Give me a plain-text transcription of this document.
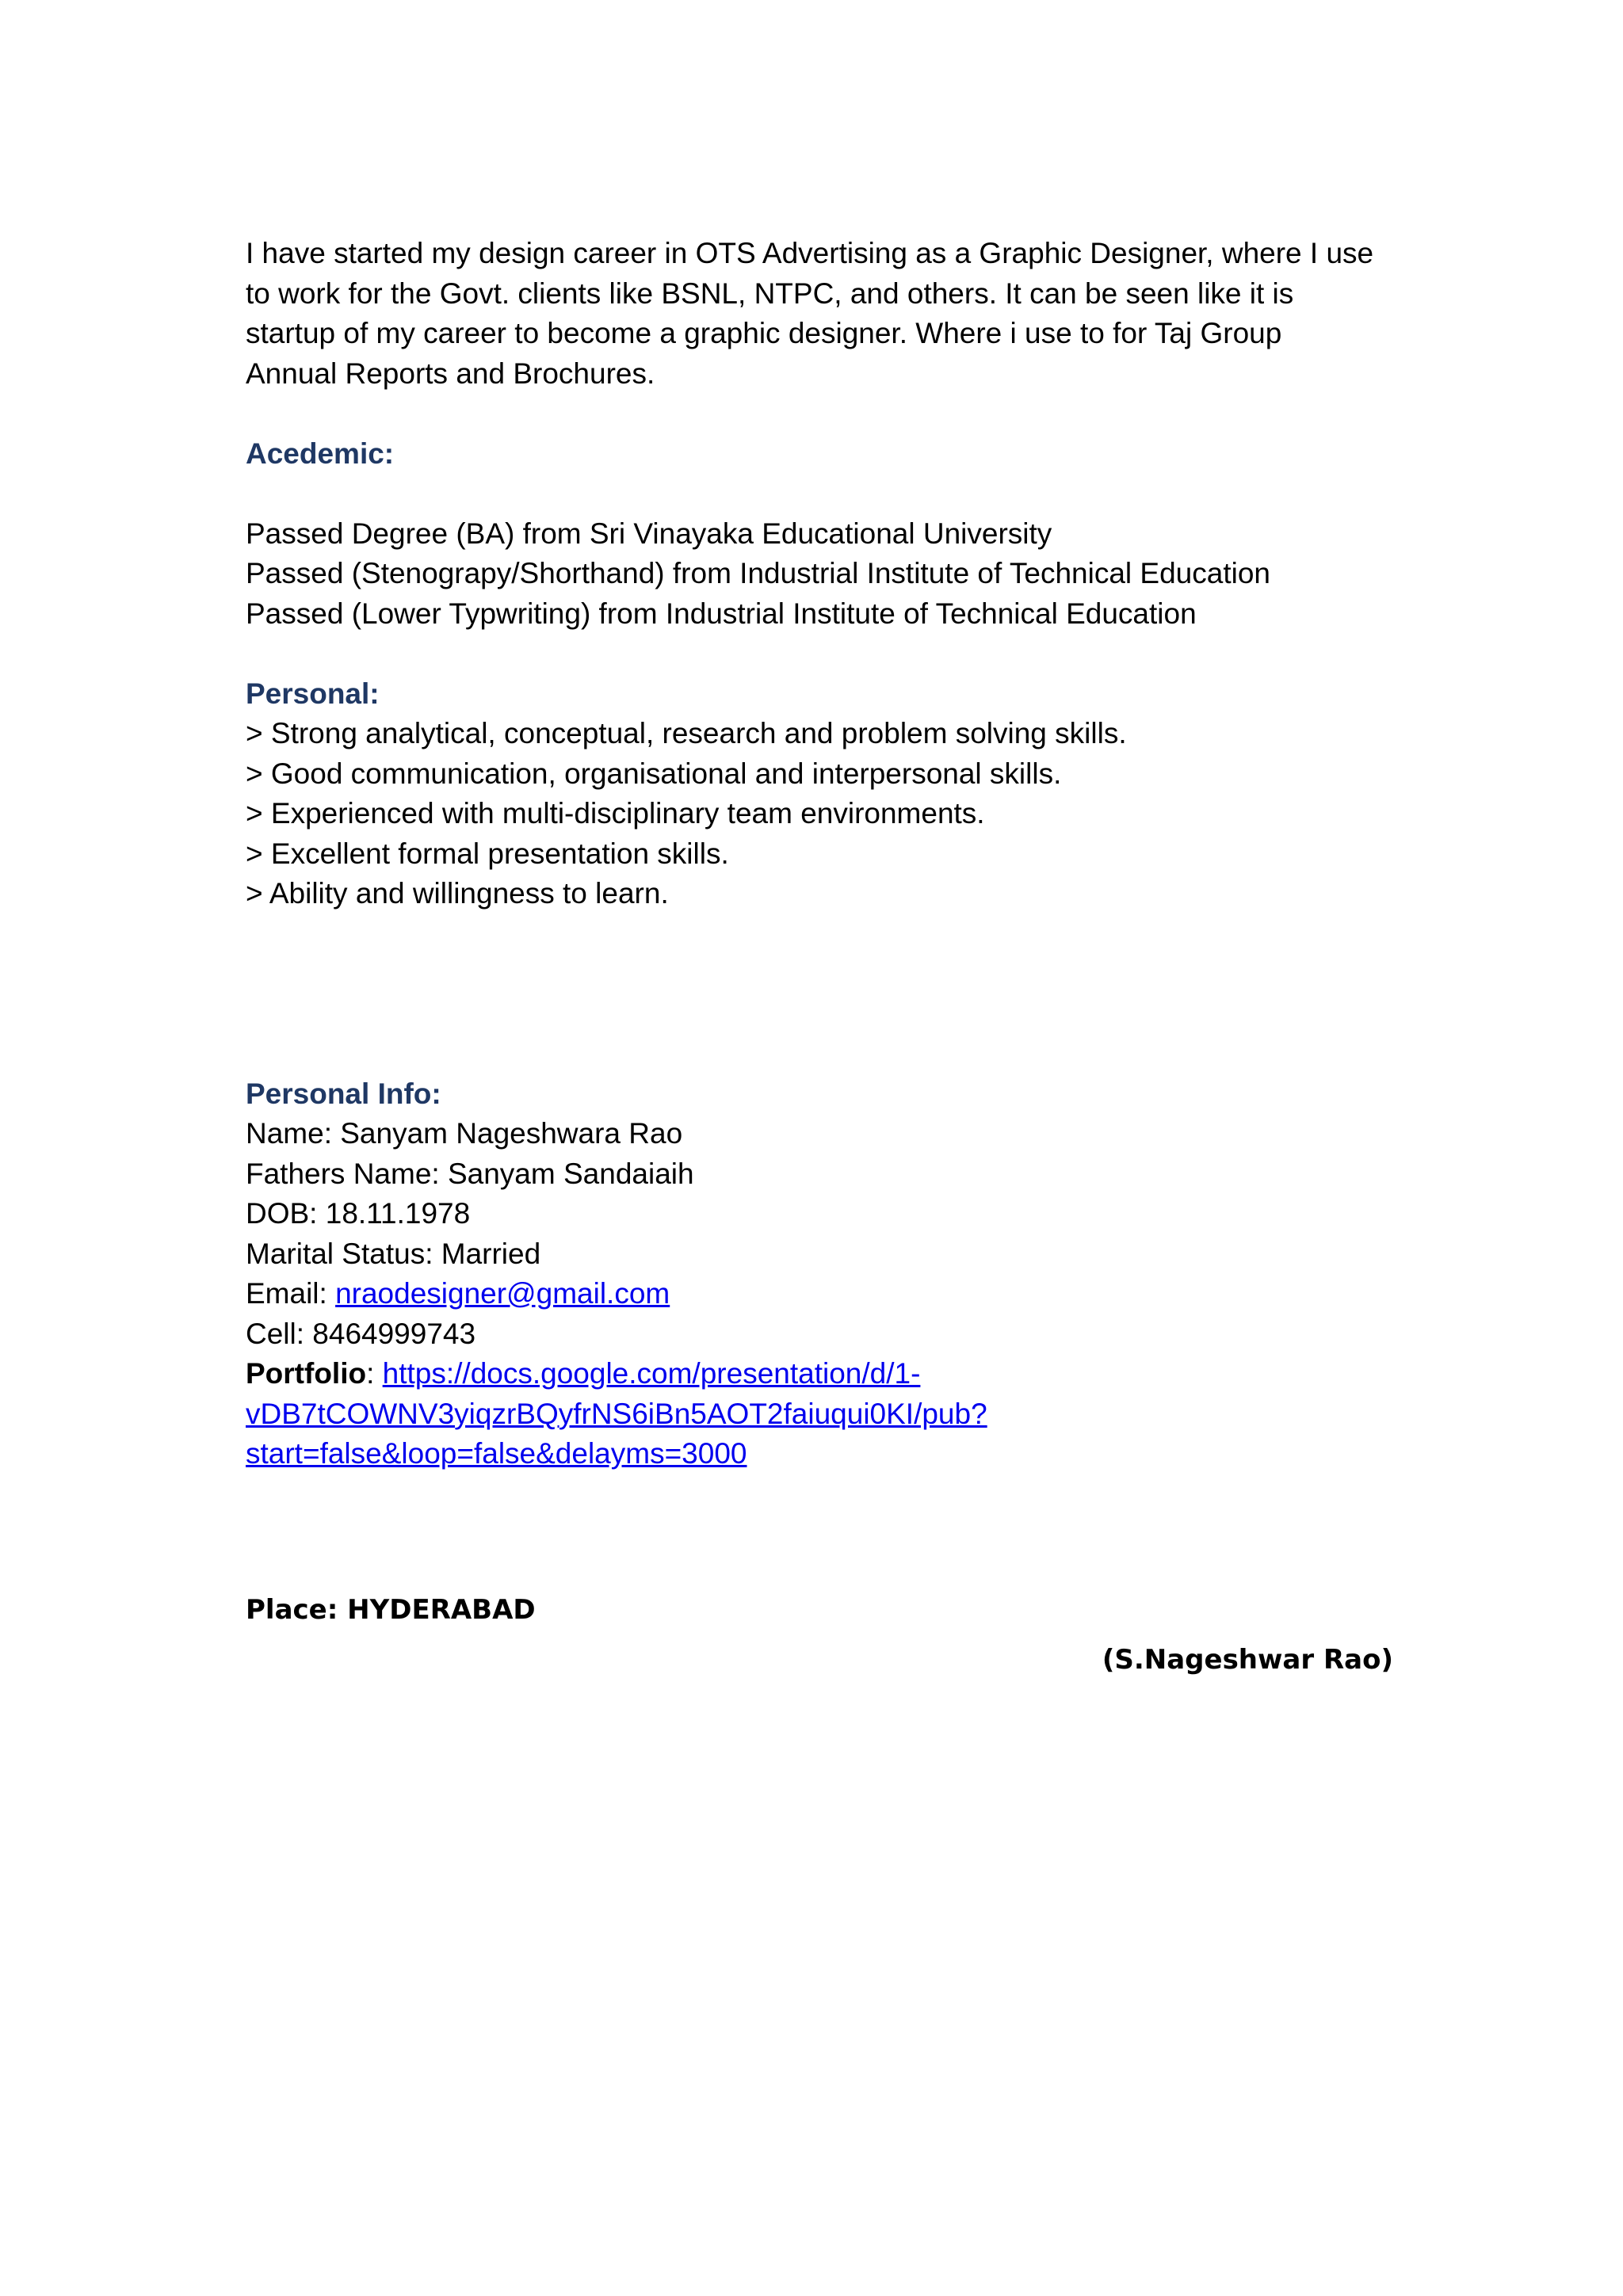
I have started my design career in OTS Advertising as a Graphic Designer, where I use

to work for the Govt. clients like BSNL, NTPC, and others. It can be seen like it is

startup of my career to become a graphic designer. Where i use to for Taj Group

Annual Reports and Brochures.

Acedemic:

Passed Degree (BA) from Sri Vinayaka Educational University

Passed (Stenograpy/Shorthand) from Industrial Institute of Technical Education

Passed (Lower Typwriting) from Industrial Institute of Technical Education

Personal:

> Strong analytical, conceptual, research and problem solving skills.

> Good communication, organisational and interpersonal skills.

> Experienced with multi-disciplinary team environments.

> Excellent formal presentation skills.

> Ability and willingness to learn.

Personal Info:

Name: Sanyam Nageshwara Rao

Fathers Name: Sanyam Sandaiaih

DOB: 18.11.1978

Marital Status: Married

Email: nraodesigner@gmail.com

Cell: 8464999743

Portfolio: https://docs.google.com/presentation/d/1-

vDB7tCOWNV3yiqzrBQyfrNS6iBn5AOT2faiuqui0KI/pub?

start=false&loop=false&delayms=3000

Place: HYDERABAD
(S.Nageshwar Rao)
